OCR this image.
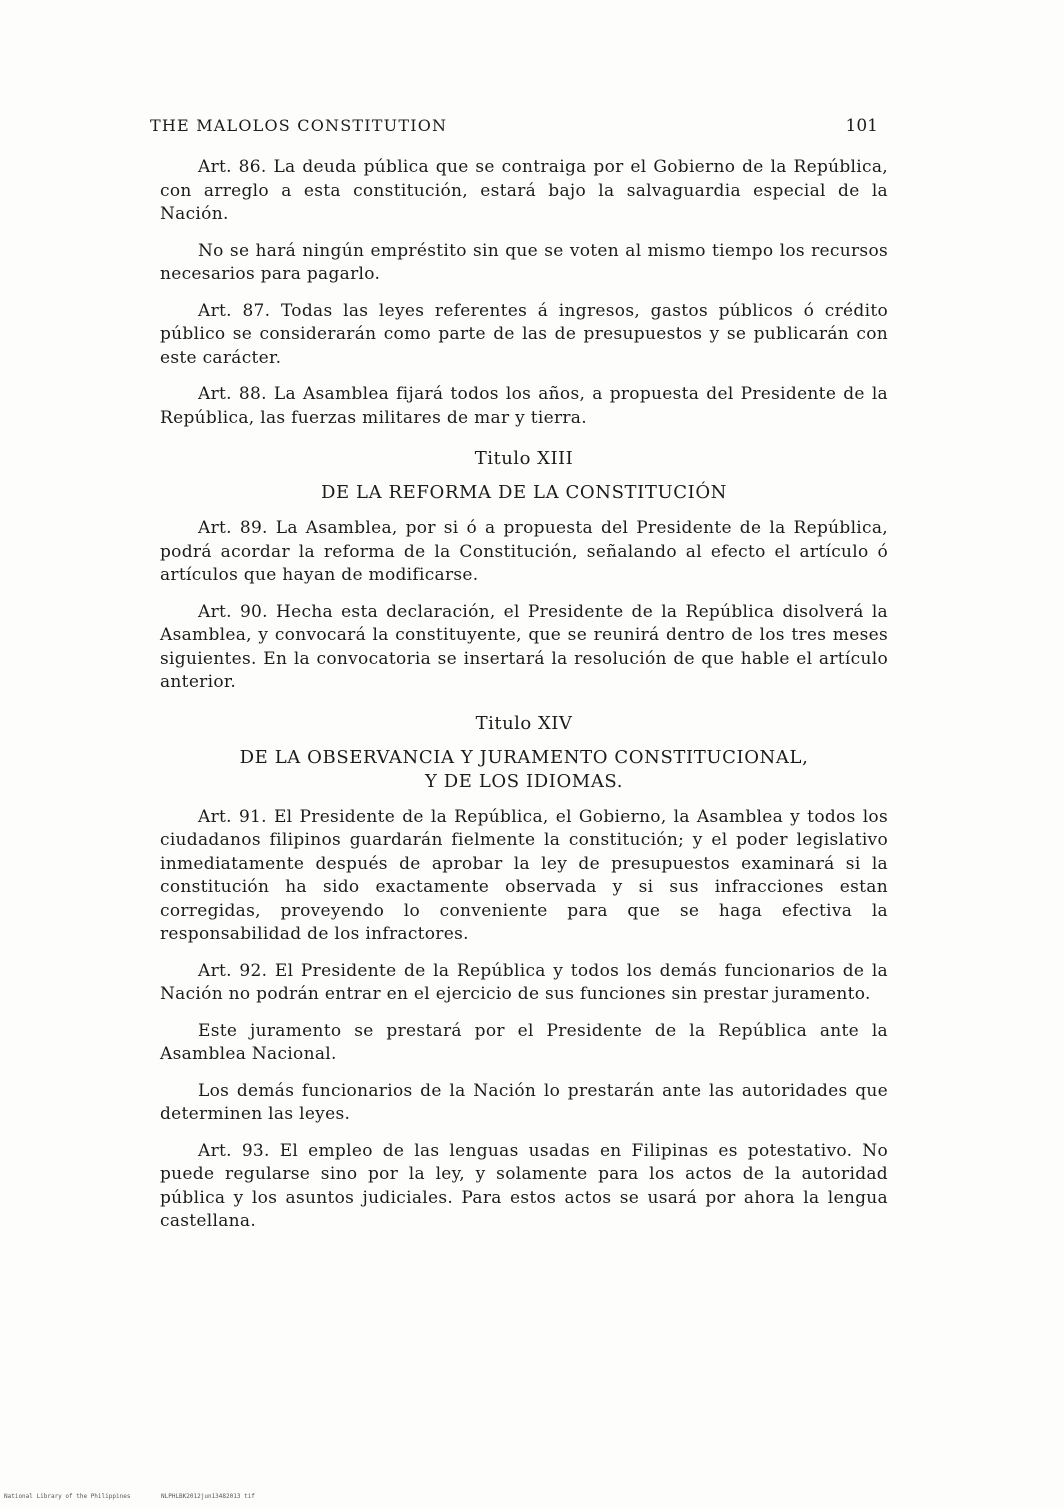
THE MALOLOS CONSTITUTION	101

Art. 86. La deuda pública que se contraiga por el Gobierno de la República, con arreglo a esta constitución, estará bajo la salvaguardia especial de la Nación.

No se hará ningún empréstito sin que se voten al mismo tiempo los recursos necesarios para pagarlo.

Art. 87. Todas las leyes referentes á ingresos, gastos públicos ó crédito público se considerarán como parte de las de presupuestos y se publicarán con este carácter.

Art. 88. La Asamblea fijará todos los años, a propuesta del Presidente de la República, las fuerzas militares de mar y tierra.

Titulo XIII
DE LA REFORMA DE LA CONSTITUCIÓN

Art. 89. La Asamblea, por si ó a propuesta del Presidente de la República, podrá acordar la reforma de la Constitución, señalando al efecto el artículo ó artículos que hayan de modificarse.

Art. 90. Hecha esta declaración, el Presidente de la República disolverá la Asamblea, y convocará la constituyente, que se reunirá dentro de los tres meses siguientes. En la convocatoria se insertará la resolución de que hable el artículo anterior.

Titulo XIV
DE LA OBSERVANCIA Y JURAMENTO CONSTITUCIONAL,
Y DE LOS IDIOMAS.

Art. 91. El Presidente de la República, el Gobierno, la Asamblea y todos los ciudadanos filipinos guardarán fielmente la constitución; y el poder legislativo inmediatamente después de aprobar la ley de presupuestos examinará si la constitución ha sido exactamente observada y si sus infracciones estan corregidas, proveyendo lo conveniente para que se haga efectiva la responsabilidad de los infractores.

Art. 92. El Presidente de la República y todos los demás funcionarios de la Nación no podrán entrar en el ejercicio de sus funciones sin prestar juramento.

Este juramento se prestará por el Presidente de la República ante la Asamblea Nacional.

Los demás funcionarios de la Nación lo prestarán ante las autoridades que determinen las leyes.

Art. 93. El empleo de las lenguas usadas en Filipinas es potestativo. No puede regularse sino por la ley, y solamente para los actos de la autoridad pública y los asuntos judiciales. Para estos actos se usará por ahora la lengua castellana.

National Library of the Philippines	NLPHLBK2012jun13482013 tif
